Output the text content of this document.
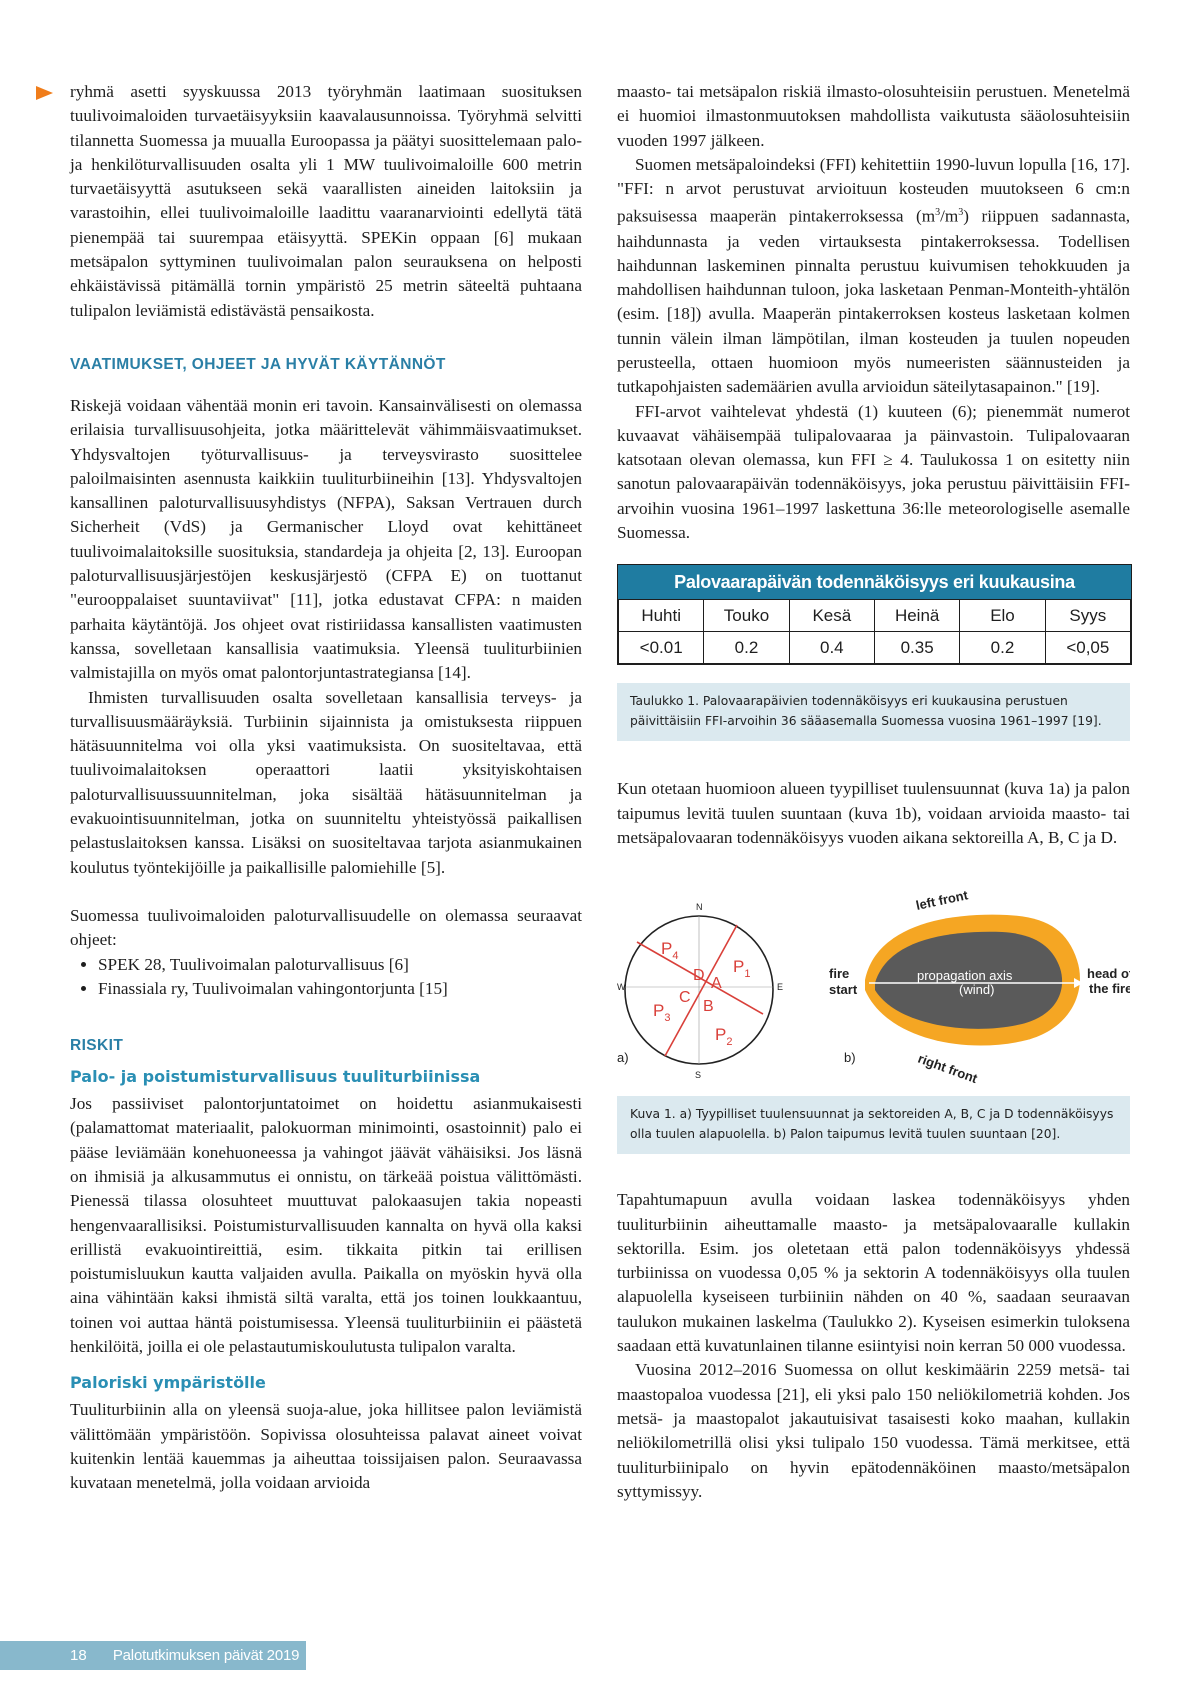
ryhmä asetti syyskuussa 2013 työryhmän laatimaan suosituksen tuulivoimaloiden turvaetäisyyksiin kaavalausunnoissa. Työryhmä selvitti tilannetta Suomessa ja muualla Euroopassa ja päätyi suosittelemaan palo- ja henkilöturvallisuuden osalta yli 1 MW tuulivoimaloille 600 metrin turvaetäisyyttä asutukseen sekä vaarallisten aineiden laitoksiin ja varastoihin, ellei tuulivoimaloille laadittu vaaranarviointi edellytä tätä pienempää tai suurempaa etäisyyttä. SPEKin oppaan [6] mukaan metsäpalon syttyminen tuulivoimalan palon seurauksena on helposti ehkäistävissä pitämällä tornin ympäristö 25 metrin säteeltä puhtaana tulipalon leviämistä edistävästä pensaikosta.

VAATIMUKSET, OHJEET JA HYVÄT KÄYTÄNNÖT

Riskejä voidaan vähentää monin eri tavoin. Kansainvälisesti on olemassa erilaisia turvallisuusohjeita, jotka määrittelevät vähimmäisvaatimukset. Yhdysvaltojen työturvallisuus- ja terveysvirasto suosittelee paloilmaisinten asennusta kaikkiin tuuliturbiineihin [13]. Yhdysvaltojen kansallinen paloturvallisuusyhdistys (NFPA), Saksan Vertrauen durch Sicherheit (VdS) ja Germanischer Lloyd ovat kehittäneet tuulivoimalaitoksille suosituksia, standardeja ja ohjeita [2, 13]. Euroopan paloturvallisuusjärjestöjen keskusjärjestö (CFPA E) on tuottanut "eurooppalaiset suuntaviivat" [11], jotka edustavat CFPA: n maiden parhaita käytäntöjä. Jos ohjeet ovat ristiriidassa kansallisten vaatimusten kanssa, sovelletaan kansallisia vaatimuksia. Yleensä tuuliturbiinien valmistajilla on myös omat palontorjuntastrategiansa [14].

Ihmisten turvallisuuden osalta sovelletaan kansallisia terveys- ja turvallisuusmääräyksiä. Turbiinin sijainnista ja omistuksesta riippuen hätäsuunnitelma voi olla yksi vaatimuksista. On suositeltavaa, että tuulivoimalaitoksen operaattori laatii yksityiskohtaisen paloturvallisuussuunnitelman, joka sisältää hätäsuunnitelman ja evakuointisuunnitelman, jotka on suunniteltu yhteistyössä paikallisen pelastuslaitoksen kanssa. Lisäksi on suositeltavaa tarjota asianmukainen koulutus työntekijöille ja paikallisille palomiehille [5].

Suomessa tuulivoimaloiden paloturvallisuudelle on olemassa seuraavat ohjeet:

• SPEK 28, Tuulivoimalan paloturvallisuus [6]
• Finassiala ry, Tuulivoimalan vahingontorjunta [15]
RISKIT
Palo- ja poistumisturvallisuus tuuliturbiinissa

Jos passiiviset palontorjuntatoimet on hoidettu asianmukaisesti (palamattomat materiaalit, palokuorman minimointi, osastoinnit) palo ei pääse leviämään konehuoneessa ja vahingot jäävät vähäisiksi. Jos läsnä on ihmisiä ja alkusammutus ei onnistu, on tärkeää poistua välittömästi. Pienessä tilassa olosuhteet muuttuvat palokaasujen takia nopeasti hengenvaarallisiksi. Poistumisturvallisuuden kannalta on hyvä olla kaksi erillistä evakuointireittiä, esim. tikkaita pitkin tai erillisen poistumisluukun kautta valjaiden avulla. Paikalla on myöskin hyvä olla aina vähintään kaksi ihmistä siltä varalta, että jos toinen loukkaantuu, toinen voi auttaa häntä poistumisessa. Yleensä tuuliturbiiniin ei päästetä henkilöitä, joilla ei ole pelastautumiskoulutusta tulipalon varalta.

Paloriski ympäristölle

Tuuliturbiinin alla on yleensä suoja-alue, joka hillitsee palon leviämistä välittömään ympäristöön. Sopivissa olosuhteissa palavat aineet voivat kuitenkin lentää kauemmas ja aiheuttaa toissijaisen palon. Seuraavassa kuvataan menetelmä, jolla voidaan arvioida

maasto- tai metsäpalon riskiä ilmasto-olosuhteisiin perustuen. Menetelmä ei huomioi ilmastonmuutoksen mahdollista vaikutusta sääolosuhteisiin vuoden 1997 jälkeen.

Suomen metsäpaloindeksi (FFI) kehitettiin 1990-luvun lopulla [16, 17]. "FFI: n arvot perustuvat arvioituun kosteuden muutokseen 6 cm:n paksuisessa maaperän pintakerroksessa $(m^3/m^3)$ riippuen sadannasta, haihdunnasta ja veden virtauksesta pintakerroksessa. Todellisen haihdunnan laskeminen pinnalta perustuu kuivumisen tehokkuuden ja mahdollisen haihdunnan tuloon, joka lasketaan Penman-Monteith-yhtälön (esim. [18]) avulla. Maaperän pintakerroksen kosteus lasketaan kolmen tunnin välein ilman lämpötilan, ilman kosteuden ja tuulen nopeuden perusteella, ottaen huomioon myös numeeristen säännusteiden ja tutkapohjaisten sademäärien avulla arvioidun säteilytasapainon." [19].

FFI-arvot vaihtelevat yhdestä (1) kuuteen (6); pienemmät numerot kuvaavat vähäisempää tulipalovaaraa ja päinvastoin. Tulipalovaaran katsotaan olevan olemassa, kun FFI ≥ 4. Taulukossa 1 on esitetty niin sanotun palovaarapäivän todennäköisyys, joka perustuu päivittäisiin FFI-arvoihin vuosina 1961–1997 laskettuna 36:lle meteorologiselle asemalle Suomessa.

Palovaarapäivän todennäköisyys eri kuukausina
Huhti	Touko	Kesä	Heinä	Elo	Syys
<0.01	0.2	0.4	0.35	0.2	<0,05
Taulukko 1. Palovaarapäivien todennäköisyys eri kuukausina perustuen päivittäisiin FFI-arvoihin 36 sääasemalla Suomessa vuosina 1961–1997 [19].

Kun otetaan huomioon alueen tyypilliset tuulensuunnat (kuva 1a) ja palon taipumus levitä tuulen suuntaan (kuva 1b), voidaan arvioida maasto- tai metsäpalovaaran todennäköisyys vuoden aikana sektoreilla A, B, C ja D.

N
S
W	E
D A
C
B
$P_4$
$P_1$
$P_3$
$P_2$
a)
propagation axis
(wind)
fire
start
head of
the fire
left front
right front
b)
Kuva 1. a) Tyypilliset tuulensuunnat ja sektoreiden A, B, C ja D todennäköisyys olla tuulen alapuolella. b) Palon taipumus levitä tuulen suuntaan [20].

Tapahtumapuun avulla voidaan laskea todennäköisyys yhden tuuliturbiinin aiheuttamalle maasto- ja metsäpalovaaralle kullakin sektorilla. Esim. jos oletetaan että palon todennäköisyys yhdessä turbiinissa on vuodessa 0,05 % ja sektorin A todennäköisyys olla tuulen alapuolella kyseiseen turbiiniin nähden on 40 %, saadaan seuraavan taulukon mukainen laskelma (Taulukko 2). Kyseisen esimerkin tuloksena saadaan että kuvatunlainen tilanne esiintyisi noin kerran 50 000 vuodessa.

Vuosina 2012–2016 Suomessa on ollut keskimäärin 2259 metsä- tai maastopaloa vuodessa [21], eli yksi palo 150 neliökilometriä kohden. Jos metsä- ja maastopalot jakautuisivat tasaisesti koko maahan, kullakin neliökilometrillä olisi yksi tulipalo 150 vuodessa. Tämä merkitsee, että tuuliturbiinipalo on hyvin epätodennäköinen maasto/metsäpalon syttymissyy.

18 Palotutkimuksen päivät 2019
